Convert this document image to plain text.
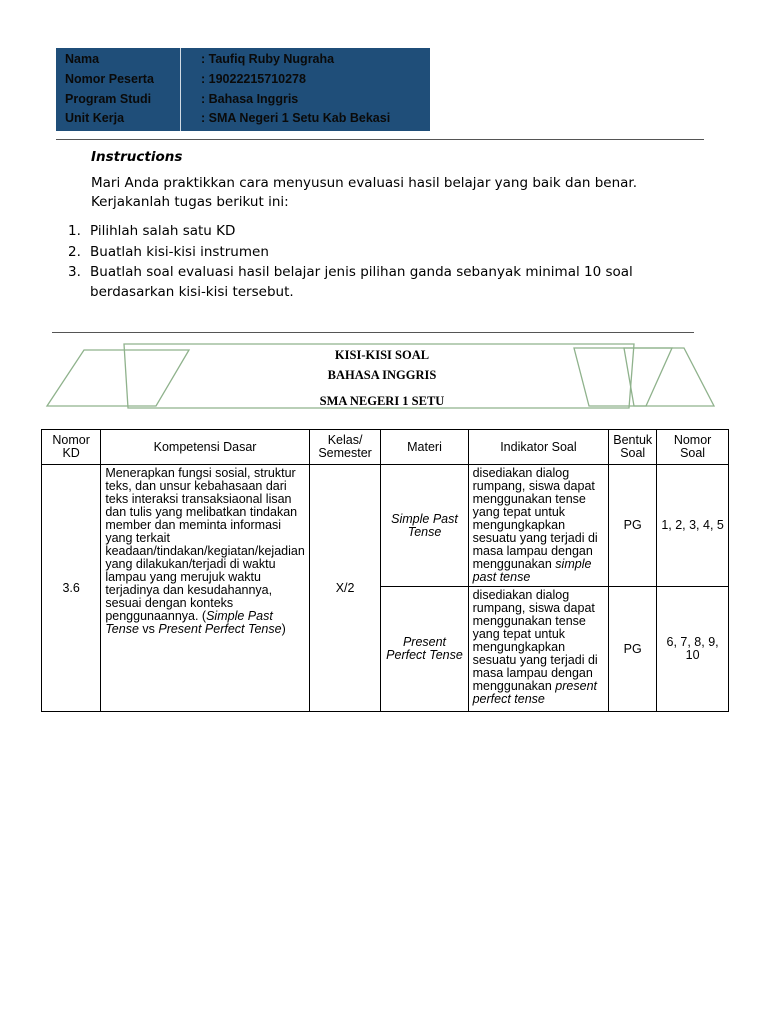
Nama	: Taufiq Ruby Nugraha
Nomor Peserta	: 19022215710278
Program Studi	: Bahasa Inggris
Unit Kerja	: SMA Negeri 1 Setu Kab Bekasi
Instructions
Mari Anda praktikkan cara menyusun evaluasi hasil belajar yang baik dan benar. Kerjakanlah tugas berikut ini:
1. Pilihlah salah satu KD
2. Buatlah kisi-kisi instrumen
3. Buatlah soal evaluasi hasil belajar jenis pilihan ganda sebanyak minimal 10 soal berdasarkan kisi-kisi tersebut.
KISI-KISI SOAL
BAHASA INGGRIS
SMA NEGERI 1 SETU
Nomor KD	Kompetensi Dasar	Kelas/ Semester	Materi	Indikator Soal	Bentuk Soal	Nomor Soal
3.6	Menerapkan fungsi sosial, struktur teks, dan unsur kebahasaan dari teks interaksi transaksiaonal lisan dan tulis yang melibatkan tindakan member dan meminta informasi yang terkait keadaan/tindakan/kegiatan/kejadian yang dilakukan/terjadi di waktu lampau yang merujuk waktu terjadinya dan kesudahannya, sesuai dengan konteks penggunaannya. (Simple Past Tense vs Present Perfect Tense)	X/2	Simple Past Tense	disediakan dialog rumpang, siswa dapat menggunakan tense yang tepat untuk mengungkapkan sesuatu yang terjadi di masa lampau dengan menggunakan simple past tense	PG	1, 2, 3, 4, 5
			Present Perfect Tense	disediakan dialog rumpang, siswa dapat menggunakan tense yang tepat untuk mengungkapkan sesuatu yang terjadi di masa lampau dengan menggunakan present perfect tense	PG	6, 7, 8, 9, 10
